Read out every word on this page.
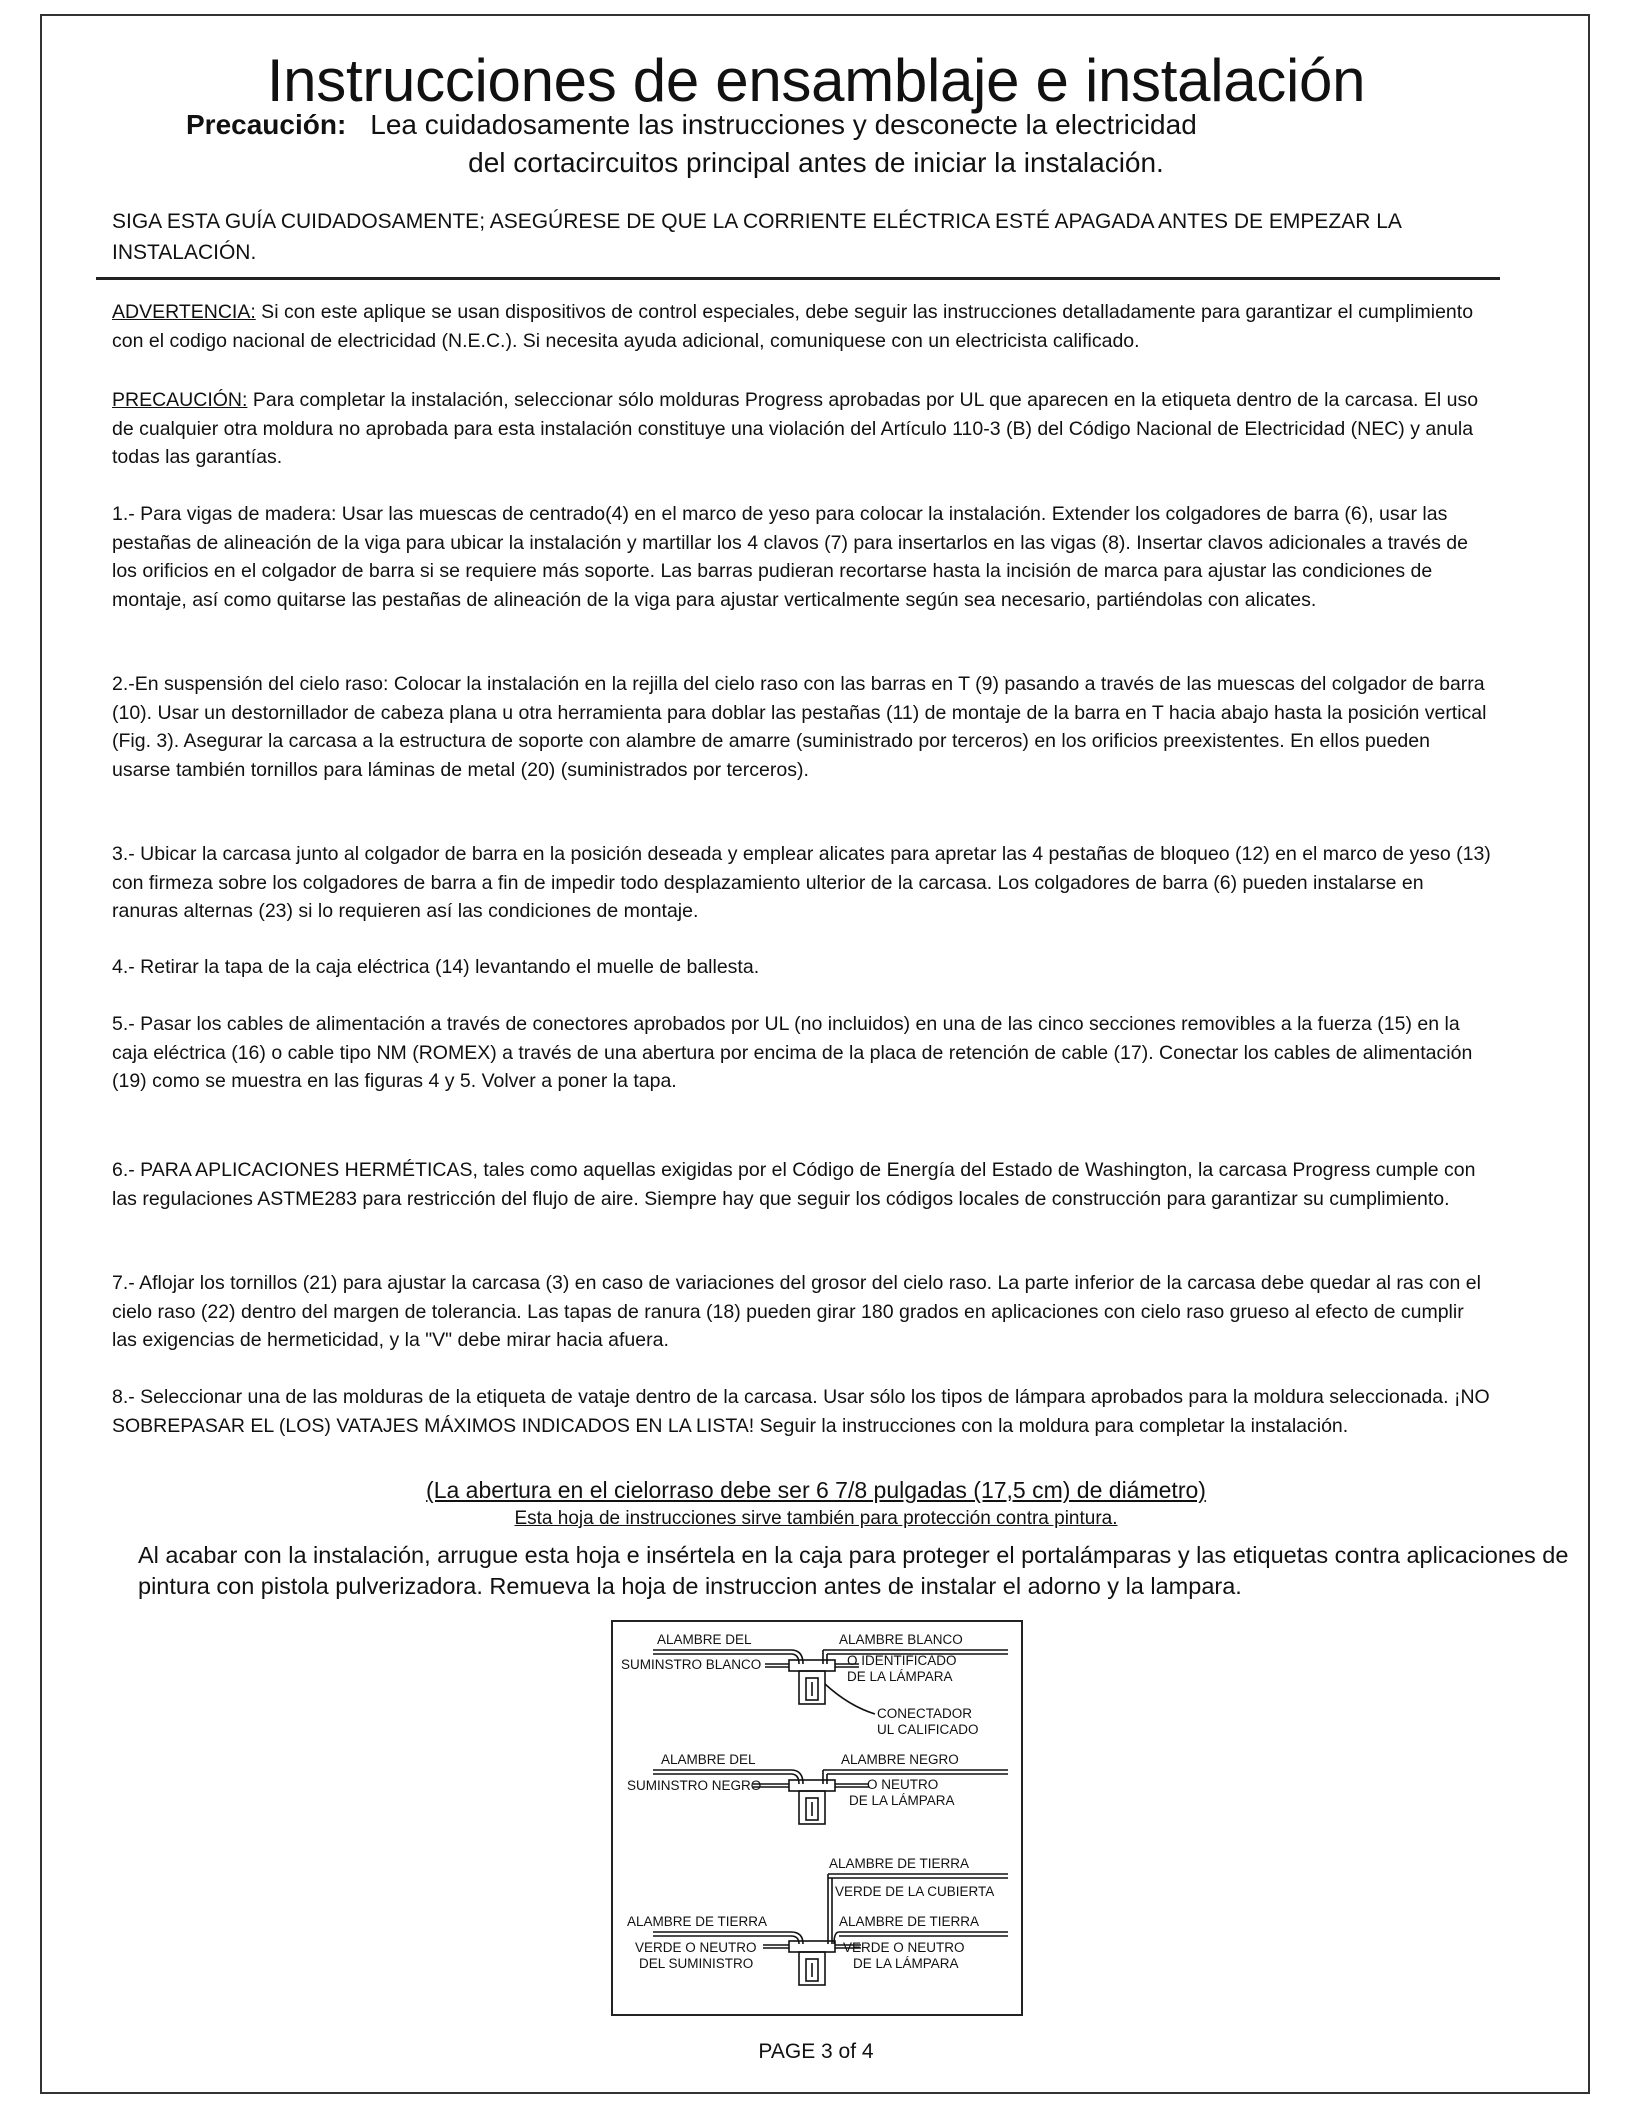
Instrucciones de ensamblaje e instalación
Precaución: Lea cuidadosamente las instrucciones y desconecte la electricidad
del cortacircuitos principal antes de iniciar la instalación.
SIGA ESTA GUÍA CUIDADOSAMENTE; ASEGÚRESE DE QUE LA CORRIENTE ELÉCTRICA ESTÉ APAGADA ANTES DE EMPEZAR LA INSTALACIÓN.
ADVERTENCIA: Si con este aplique se usan dispositivos de control especiales, debe seguir las instrucciones detalladamente para garantizar el cumplimiento con el codigo nacional de electricidad (N.E.C.). Si necesita ayuda adicional, comuniquese con un electricista calificado.
PRECAUCIÓN: Para completar la instalación, seleccionar sólo molduras Progress aprobadas por UL que aparecen en la etiqueta dentro de la carcasa. El uso de cualquier otra moldura no aprobada para esta instalación constituye una violación del Artículo 110-3 (B) del Código Nacional de Electricidad (NEC) y anula todas las garantías.
1.- Para vigas de madera: Usar las muescas de centrado(4) en el marco de yeso para colocar la instalación. Extender los colgadores de barra (6), usar las pestañas de alineación de la viga para ubicar la instalación y martillar los 4 clavos (7) para insertarlos en las vigas (8). Insertar clavos adicionales a través de los orificios en el colgador de barra si se requiere más soporte. Las barras pudieran recortarse hasta la incisión de marca para ajustar las condiciones de montaje, así como quitarse las pestañas de alineación de la viga para ajustar verticalmente según sea necesario, partiéndolas con alicates.
2.-En suspensión del cielo raso: Colocar la instalación en la rejilla del cielo raso con las barras en T (9) pasando a través de las muescas del colgador de barra (10). Usar un destornillador de cabeza plana u otra herramienta para doblar las pestañas (11) de montaje de la barra en T hacia abajo hasta la posición vertical (Fig. 3). Asegurar la carcasa a la estructura de soporte con alambre de amarre (suministrado por terceros) en los orificios preexistentes. En ellos pueden usarse también tornillos para láminas de metal (20) (suministrados por terceros).
3.- Ubicar la carcasa junto al colgador de barra en la posición deseada y emplear alicates para apretar las 4 pestañas de bloqueo (12) en el marco de yeso (13) con firmeza sobre los colgadores de barra a fin de impedir todo desplazamiento ulterior de la carcasa. Los colgadores de barra (6) pueden instalarse en ranuras alternas (23) si lo requieren así las condiciones de montaje.
4.- Retirar la tapa de la caja eléctrica (14) levantando el muelle de ballesta.
5.- Pasar los cables de alimentación a través de conectores aprobados por UL (no incluidos) en una de las cinco secciones removibles a la fuerza (15) en la caja eléctrica (16) o cable tipo NM (ROMEX) a través de una abertura por encima de la placa de retención de cable (17). Conectar los cables de alimentación (19) como se muestra en las figuras 4 y 5. Volver a poner la tapa.
6.- PARA APLICACIONES HERMÉTICAS, tales como aquellas exigidas por el Código de Energía del Estado de Washington, la carcasa Progress cumple con las regulaciones ASTME283 para restricción del flujo de aire. Siempre hay que seguir los códigos locales de construcción para garantizar su cumplimiento.
7.- Aflojar los tornillos (21) para ajustar la carcasa (3) en caso de variaciones del grosor del cielo raso. La parte inferior de la carcasa debe quedar al ras con el cielo raso (22) dentro del margen de tolerancia. Las tapas de ranura (18) pueden girar 180 grados en aplicaciones con cielo raso grueso al efecto de cumplir las exigencias de hermeticidad, y la "V" debe mirar hacia afuera.
8.- Seleccionar una de las molduras de la etiqueta de vataje dentro de la carcasa. Usar sólo los tipos de lámpara aprobados para la moldura seleccionada. ¡NO SOBREPASAR EL (LOS) VATAJES MÁXIMOS INDICADOS EN LA LISTA! Seguir la instrucciones con la moldura para completar la instalación.
(La abertura en el cielorraso debe ser 6 7/8 pulgadas (17,5 cm) de diámetro)
Esta hoja de instrucciones sirve también para protección contra pintura.
Al acabar con la instalación, arrugue esta hoja e insértela en la caja para proteger el portalámparas y las etiquetas contra aplicaciones de pintura con pistola pulverizadora. Remueva la hoja de instruccion antes de instalar el adorno y la lampara.
ALAMBRE DEL
SUMINSTRO BLANCO
ALAMBRE BLANCO
O IDENTIFICADO
DE LA LÁMPARA
CONECTADOR
UL CALIFICADO
ALAMBRE DEL
SUMINSTRO NEGRO
ALAMBRE NEGRO
O NEUTRO
DE LA LÁMPARA
ALAMBRE DE TIERRA
VERDE DE LA CUBIERTA
ALAMBRE DE TIERRA
VERDE O NEUTRO
DEL SUMINISTRO
ALAMBRE DE TIERRA
VERDE O NEUTRO
DE LA LÁMPARA
PAGE 3 of 4
